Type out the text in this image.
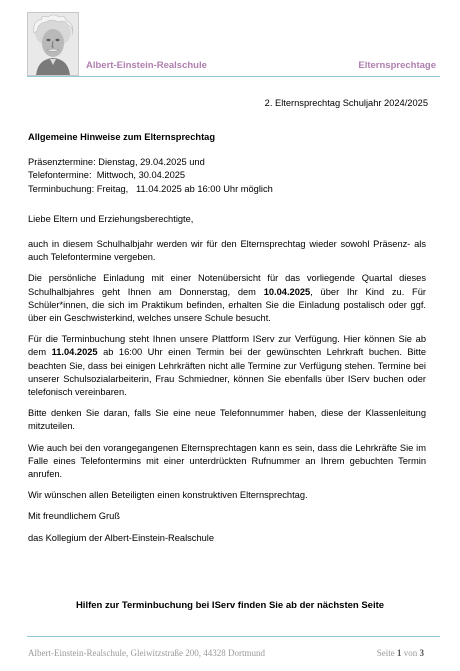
Albert-Einstein-Realschule	Elternsprechtage
2. Elternsprechtag Schuljahr 2024/2025
Allgemeine Hinweise zum Elternsprechtag
Präsenztermine: Dienstag, 29.04.2025 und
Telefontermine:  Mittwoch, 30.04.2025
Terminbuchung: Freitag,   11.04.2025 ab 16:00 Uhr möglich

Liebe Eltern und Erziehungsberechtigte,

auch in diesem Schulhalbjahr werden wir für den Elternsprechtag wieder sowohl Präsenz- als auch Telefontermine vergeben.

Die persönliche Einladung mit einer Notenübersicht für das vorliegende Quartal dieses Schulhalbjahres geht Ihnen am Donnerstag, dem 10.04.2025, über Ihr Kind zu. Für Schüler*innen, die sich im Praktikum befinden, erhalten Sie die Einladung postalisch oder ggf. über ein Geschwisterkind, welches unsere Schule besucht.

Für die Terminbuchung steht Ihnen unsere Plattform IServ zur Verfügung. Hier können Sie ab dem 11.04.2025 ab 16:00 Uhr einen Termin bei der gewünschten Lehrkraft buchen. Bitte beachten Sie, dass bei einigen Lehrkräften nicht alle Termine zur Verfügung stehen. Termine bei unserer Schulsozialarbeiterin, Frau Schmiedner, können Sie ebenfalls über IServ buchen oder telefonisch vereinbaren.

Bitte denken Sie daran, falls Sie eine neue Telefonnummer haben, diese der Klassenleitung mitzuteilen.

Wie auch bei den vorangegangenen Elternsprechtagen kann es sein, dass die Lehrkräfte Sie im Falle eines Telefontermins mit einer unterdrückten Rufnummer an Ihrem gebuchten Termin anrufen.

Wir wünschen allen Beteiligten einen konstruktiven Elternsprechtag.

Mit freundlichem Gruß

das Kollegium der Albert-Einstein-Realschule

Hilfen zur Terminbuchung bei IServ finden Sie ab der nächsten Seite
Albert-Einstein-Realschule, Gleiwitzstraße 200, 44328 Dortmund	Seite 1 von 3
